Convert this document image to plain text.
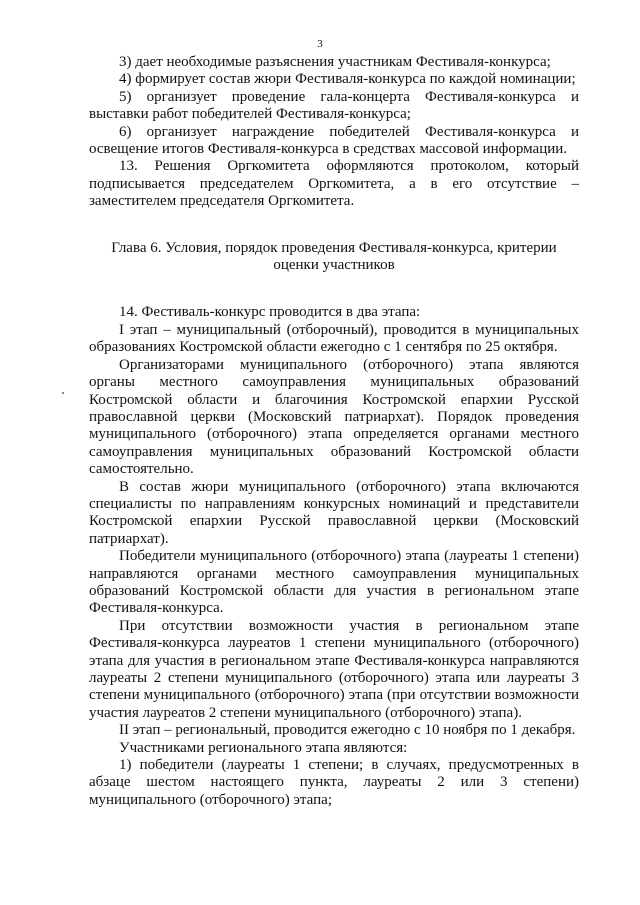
3

3) дает необходимые разъяснения участникам Фестиваля-конкурса;

4) формирует состав жюри Фестиваля-конкурса по каждой номинации;

5) организует проведение гала-концерта Фестиваля-конкурса и выставки работ победителей Фестиваля-конкурса;

6) организует награждение победителей Фестиваля-конкурса и освещение итогов Фестиваля-конкурса в средствах массовой информации.

13. Решения Оргкомитета оформляются протоколом, который подписывается председателем Оргкомитета, а в его отсутствие – заместителем председателя Оргкомитета.

Глава 6. Условия, порядок проведения Фестиваля-конкурса, критерии оценки участников

14. Фестиваль-конкурс проводится в два этапа:

I этап – муниципальный (отборочный), проводится в муниципальных образованиях Костромской области ежегодно с 1 сентября по 25 октября.

Организаторами муниципального (отборочного) этапа являются органы местного самоуправления муниципальных образований Костромской области и благочиния Костромской епархии Русской православной церкви (Московский патриархат). Порядок проведения муниципального (отборочного) этапа определяется органами местного самоуправления муниципальных образований Костромской области самостоятельно.

В состав жюри муниципального (отборочного) этапа включаются специалисты по направлениям конкурсных номинаций и представители Костромской епархии Русской православной церкви (Московский патриархат).

Победители муниципального (отборочного) этапа (лауреаты 1 степени) направляются органами местного самоуправления муниципальных образований Костромской области для участия в региональном этапе Фестиваля-конкурса.

При отсутствии возможности участия в региональном этапе Фестиваля-конкурса лауреатов 1 степени муниципального (отборочного) этапа для участия в региональном этапе Фестиваля-конкурса направляются лауреаты 2 степени муниципального (отборочного) этапа или лауреаты 3 степени муниципального (отборочного) этапа (при отсутствии возможности участия лауреатов 2 степени муниципального (отборочного) этапа).

II этап – региональный, проводится ежегодно с 10 ноября по 1 декабря.

Участниками регионального этапа являются:

1) победители (лауреаты 1 степени; в случаях, предусмотренных в абзаце шестом настоящего пункта, лауреаты 2 или 3 степени) муниципального (отборочного) этапа;
